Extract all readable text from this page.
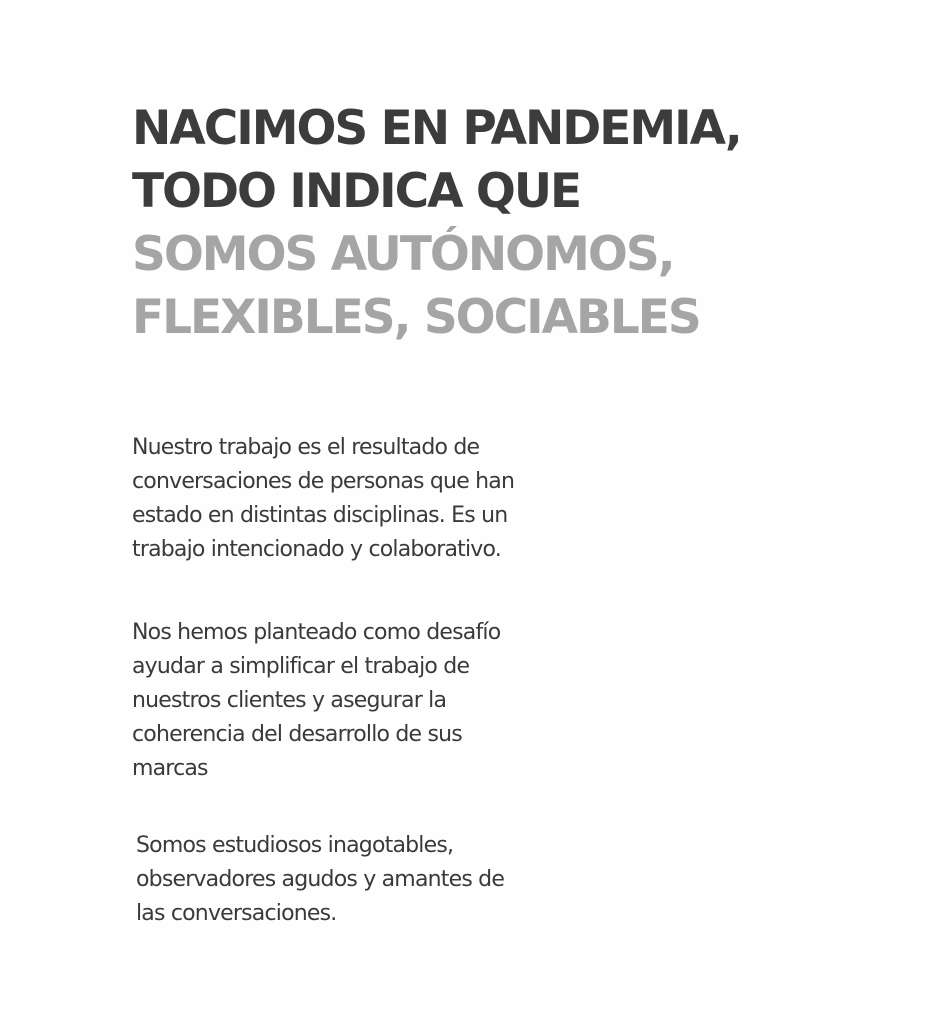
NACIMOS EN PANDEMIA,
TODO INDICA QUE
SOMOS AUTÓNOMOS,
FLEXIBLES, SOCIABLES

Nuestro trabajo es el resultado de
conversaciones de personas que han
estado en distintas disciplinas. Es un
trabajo intencionado y colaborativo.

Nos hemos planteado como desafío
ayudar a simplificar el trabajo de
nuestros clientes y asegurar la
coherencia del desarrollo de sus
marcas

Somos estudiosos inagotables,
observadores agudos y amantes de
las conversaciones.
